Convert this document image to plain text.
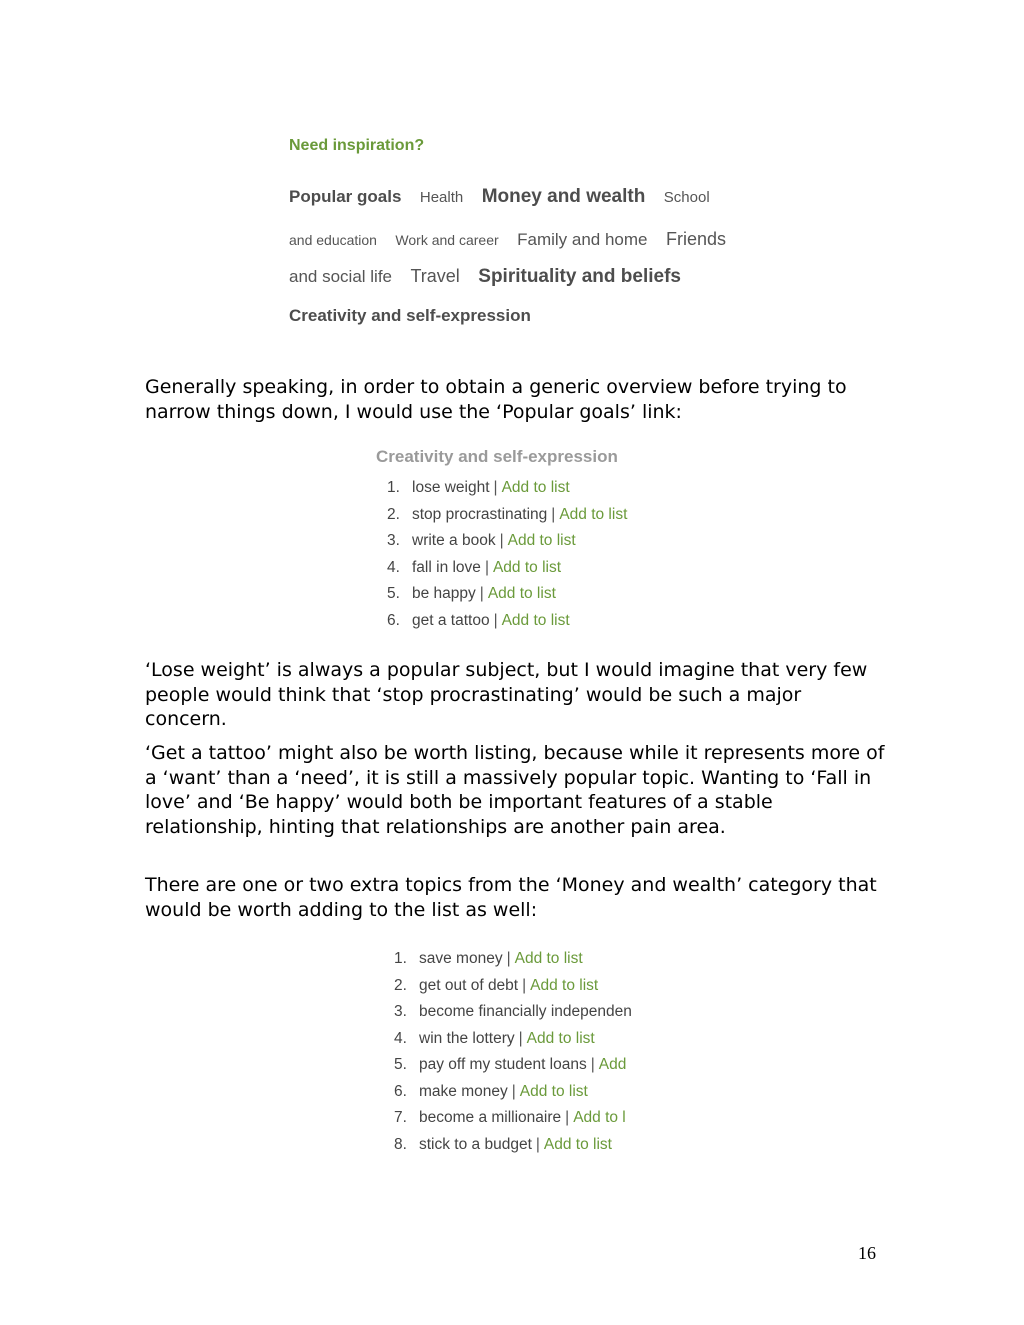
Need inspiration?
Popular goals Health Money and wealth School
and education Work and career Family and home Friends
and social life Travel Spirituality and beliefs
Creativity and self-expression
Generally speaking, in order to obtain a generic overview before trying to narrow things down, I would use the ‘Popular goals’ link:
Creativity and self-expression
1. lose weight | Add to list
2. stop procrastinating | Add to list
3. write a book | Add to list
4. fall in love | Add to list
5. be happy | Add to list
6. get a tattoo | Add to list
‘Lose weight’ is always a popular subject, but I would imagine that very few people would think that ‘stop procrastinating’ would be such a major concern.
‘Get a tattoo’ might also be worth listing, because while it represents more of a ‘want’ than a ‘need’, it is still a massively popular topic. Wanting to ‘Fall in love’ and ‘Be happy’ would both be important features of a stable relationship, hinting that relationships are another pain area.
There are one or two extra topics from the ‘Money and wealth’ category that would be worth adding to the list as well:
1. save money | Add to list
2. get out of debt | Add to list
3. become financially independen
4. win the lottery | Add to list
5. pay off my student loans | Add
6. make money | Add to list
7. become a millionaire | Add to l
8. stick to a budget | Add to list
16
